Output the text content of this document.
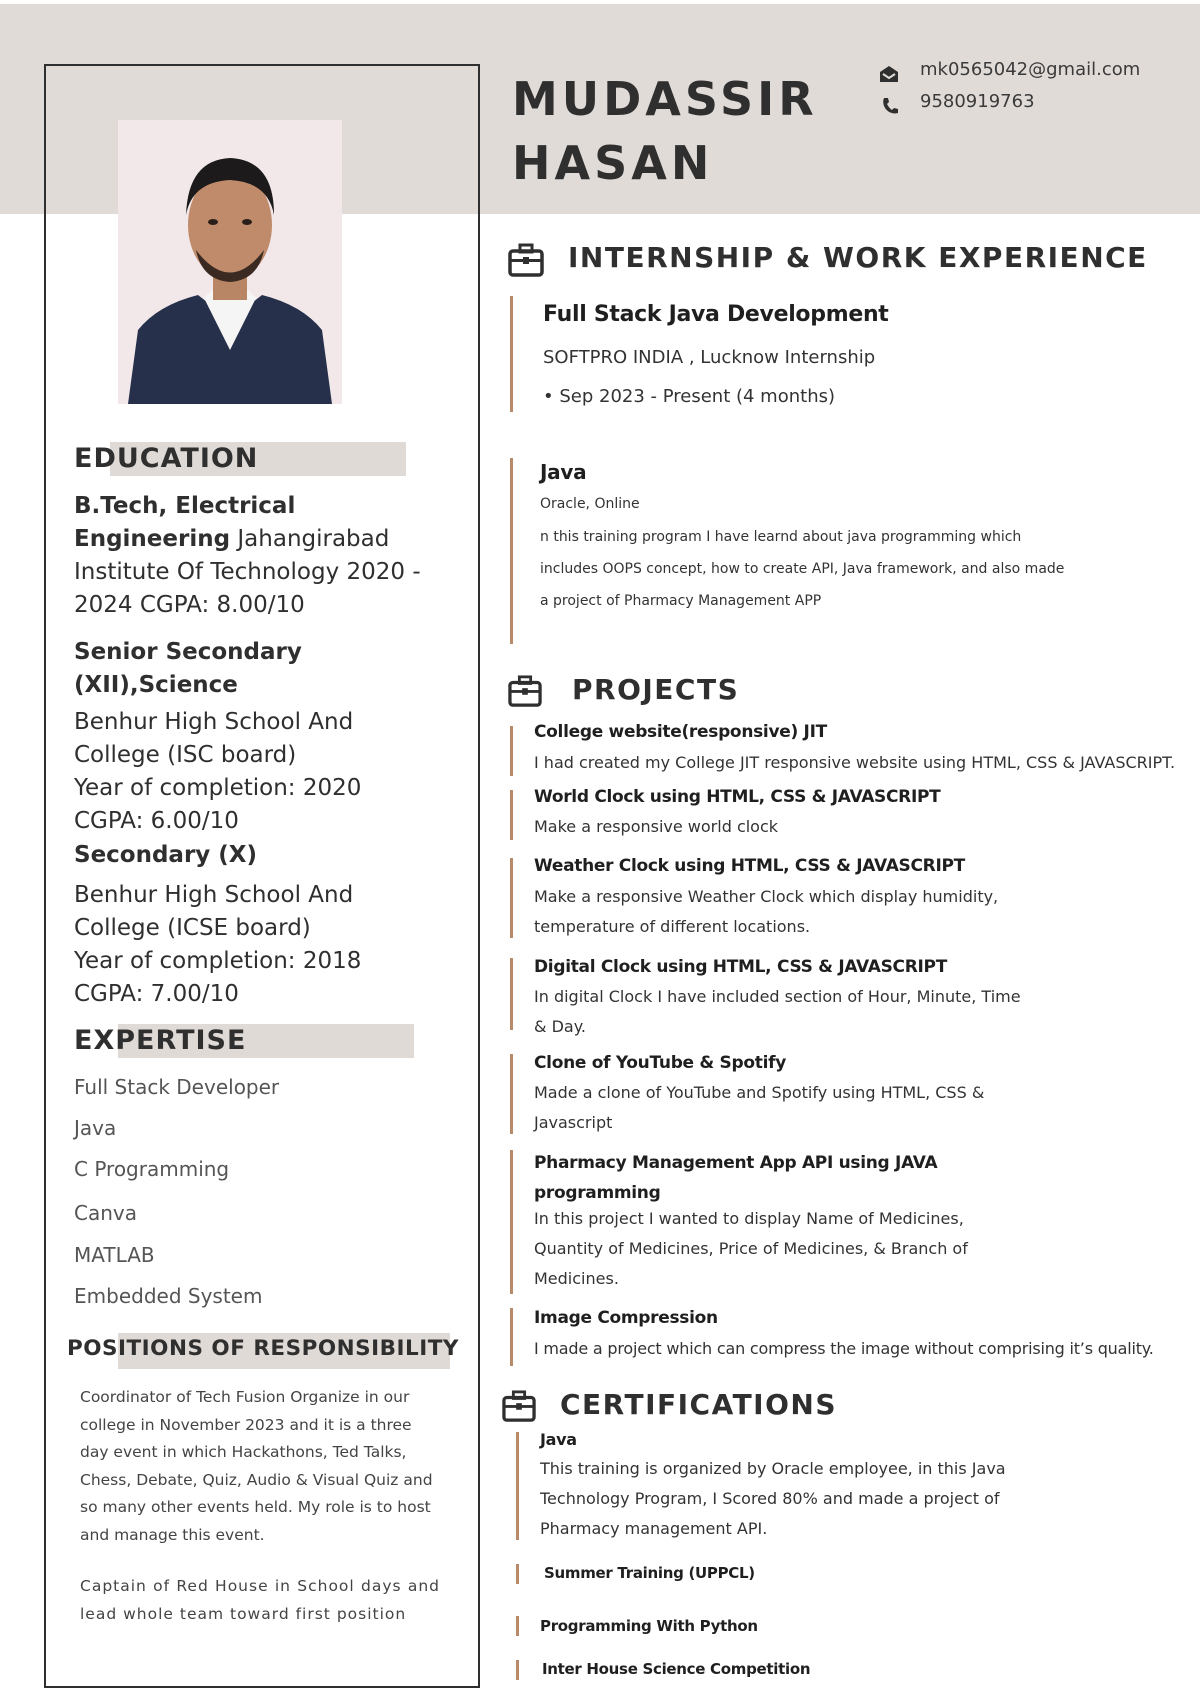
MUDASSIR
HASAN
mk0565042@gmail.com
9580919763
EDUCATION
B.Tech, Electrical Engineering Jahangirabad Institute Of Technology 2020 - 2024 CGPA: 8.00/10
Senior Secondary (XII),Science
Benhur High School And College (ISC board)
Year of completion: 2020
CGPA: 6.00/10
Secondary (X)
Benhur High School And College (ICSE board)
Year of completion: 2018
CGPA: 7.00/10
EXPERTISE
Full Stack Developer
Java
C Programming
Canva
MATLAB
Embedded System
POSITIONS OF RESPONSIBILITY
Coordinator of Tech Fusion Organize in our college in November 2023 and it is a three day event in which Hackathons, Ted Talks, Chess, Debate, Quiz, Audio & Visual Quiz and so many other events held. My role is to host and manage this event.
Captain of Red House in School days and lead whole team toward first position
INTERNSHIP & WORK EXPERIENCE
Full Stack Java Development
SOFTPRO INDIA , Lucknow Internship
• Sep 2023 - Present (4 months)
Java
Oracle, Online
n this training program I have learnd about java programming which includes OOPS concept, how to create API, Java framework, and also made a project of Pharmacy Management APP
PROJECTS
College website(responsive) JIT
I had created my College JIT responsive website using HTML, CSS & JAVASCRIPT.
World Clock using HTML, CSS & JAVASCRIPT
Make a responsive world clock
Weather Clock using HTML, CSS & JAVASCRIPT
Make a responsive Weather Clock which display humidity, temperature of different locations.
Digital Clock using HTML, CSS & JAVASCRIPT
In digital Clock I have included section of Hour, Minute, Time & Day.
Clone of YouTube & Spotify
Made a clone of YouTube and Spotify using HTML, CSS & Javascript
Pharmacy Management App API using JAVA programming
In this project I wanted to display Name of Medicines, Quantity of Medicines, Price of Medicines, & Branch of Medicines.
Image Compression
I made a project which can compress the image without comprising it’s quality.
CERTIFICATIONS
Java
This training is organized by Oracle employee, in this Java Technology Program, I Scored 80% and made a project of Pharmacy management API.
Summer Training (UPPCL)
Programming With Python
Inter House Science Competition
